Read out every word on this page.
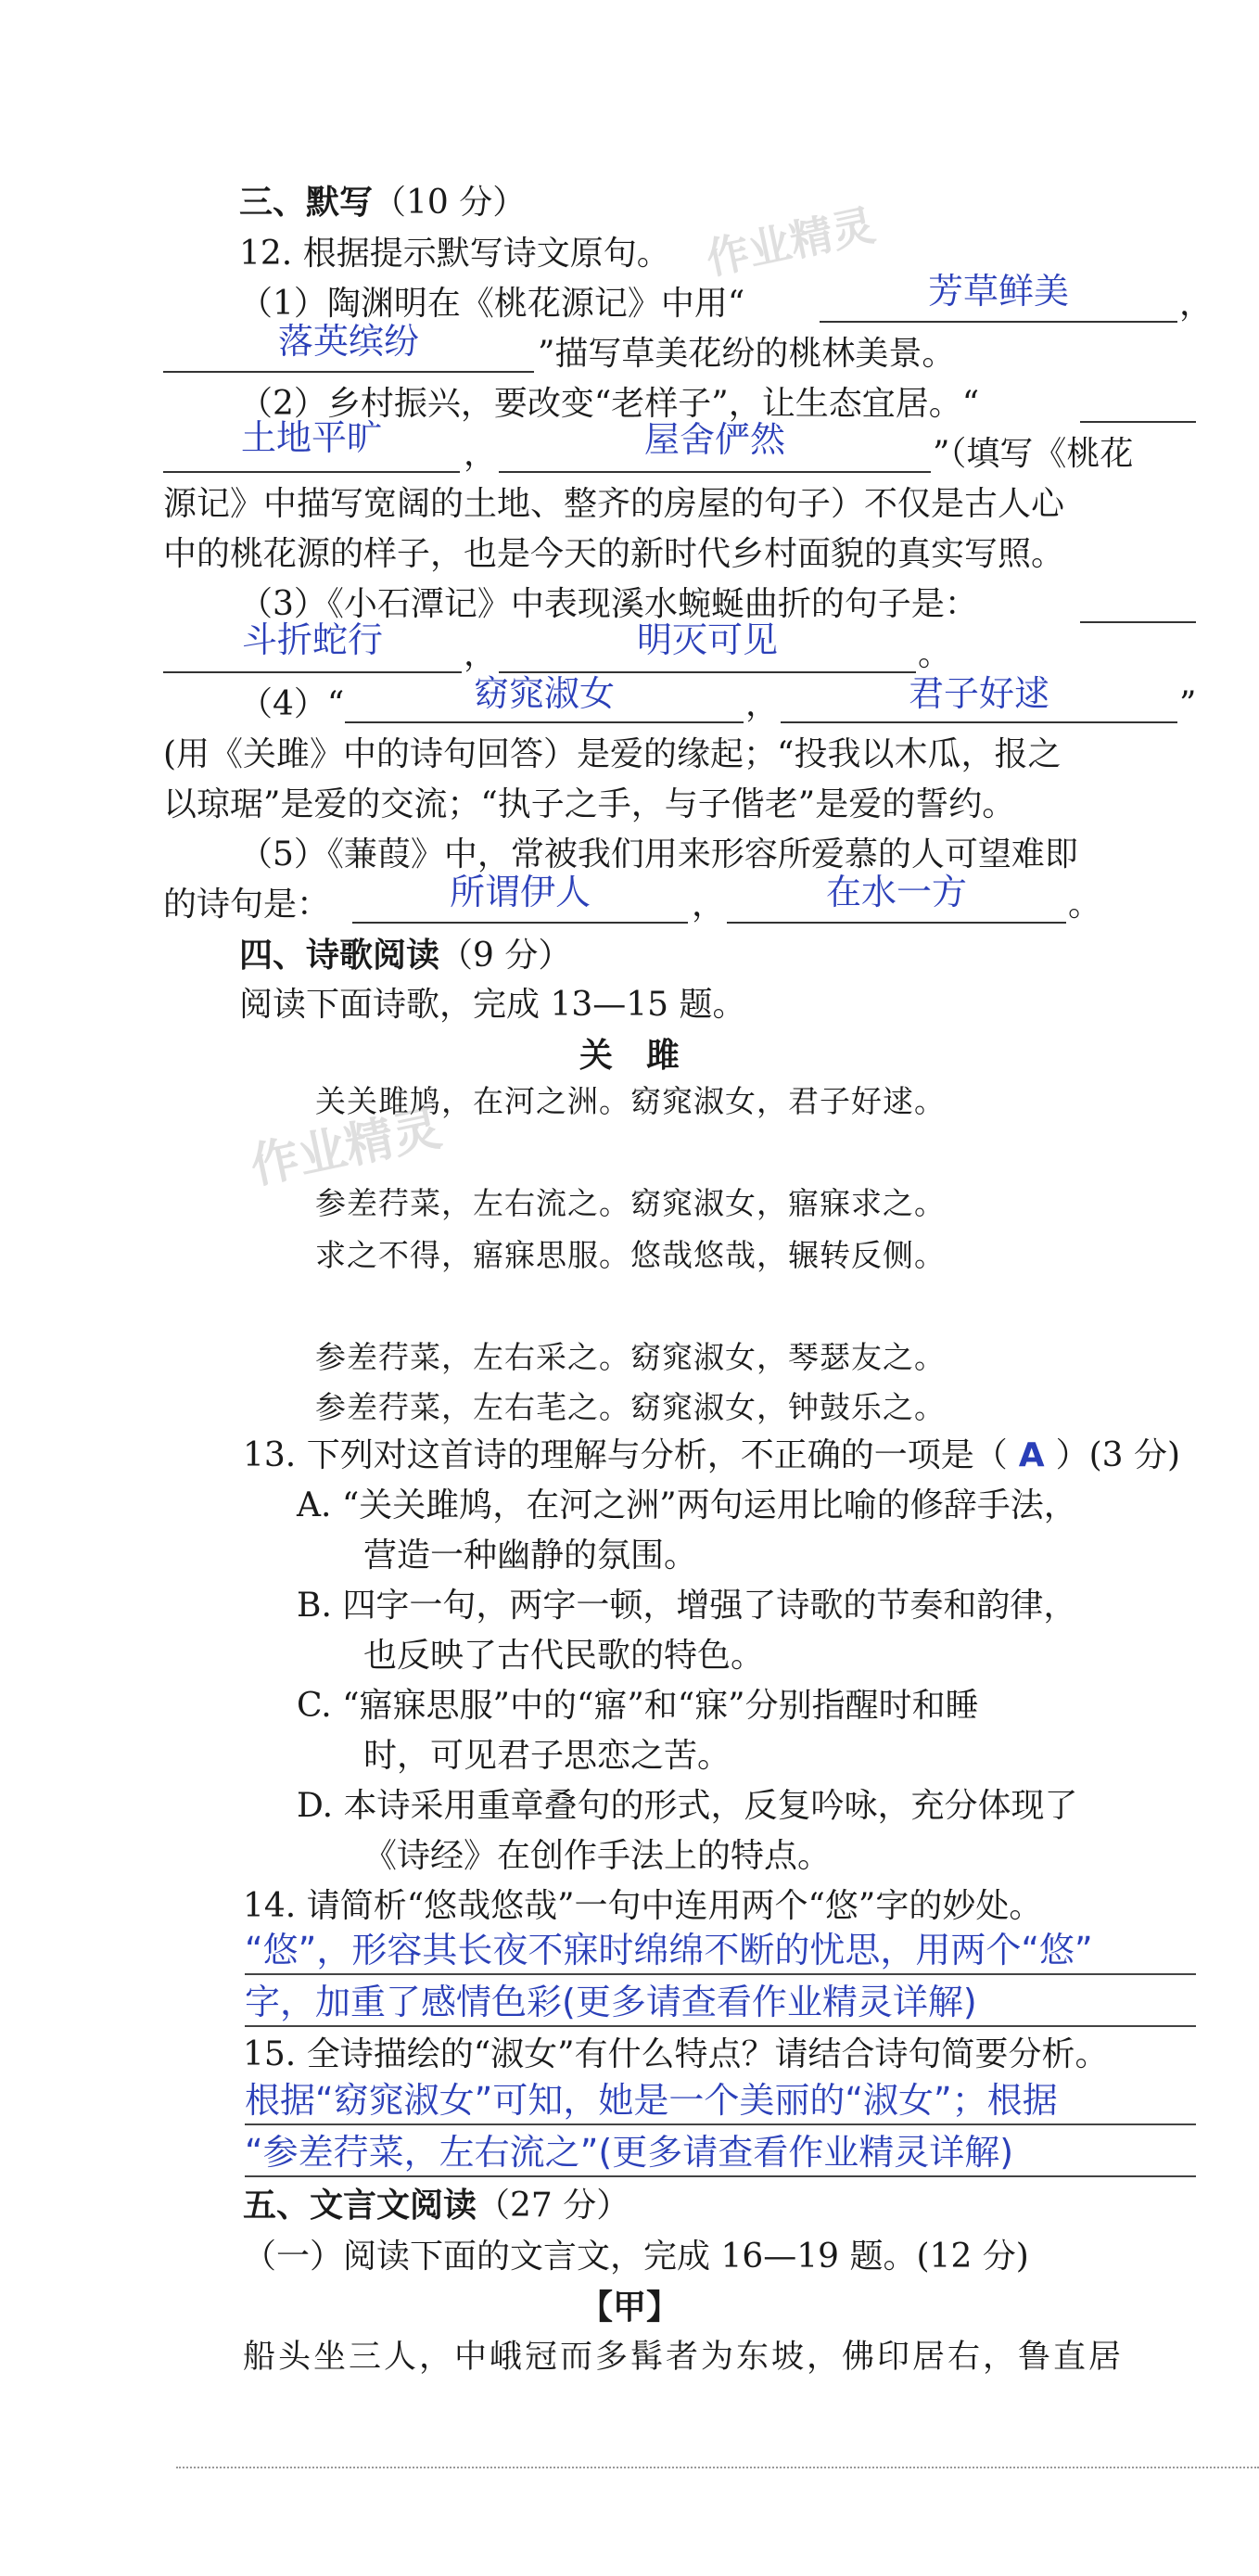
作业精灵
作业精灵
三、默写（10 分）
12. 根据提示默写诗文原句。
（1）陶渊明在《桃花源记》中用“	芳草鲜美	，
落英缤纷	”描写草美花纷的桃林美景。
（2）乡村振兴，要改变“老样子”，让生态宜居。“
土地平旷	，	屋舍俨然	”（填写《桃花
源记》中描写宽阔的土地、整齐的房屋的句子）不仅是古人心
中的桃花源的样子，也是今天的新时代乡村面貌的真实写照。
（3）《小石潭记》中表现溪水蜿蜒曲折的句子是：
斗折蛇行	，	明灭可见	。
（4）“	窈窕淑女	，	君子好逑	”
(用《关雎》中的诗句回答）是爱的缘起；“投我以木瓜，报之
以琼琚”是爱的交流；“执子之手，与子偕老”是爱的誓约。
（5）《蒹葭》中，常被我们用来形容所爱慕的人可望难即
的诗句是：	所谓伊人	，	在水一方	。
四、诗歌阅读（9 分）
阅读下面诗歌，完成 13—15 题。
关　雎
关关雎鸠，在河之洲。窈窕淑女，君子好逑。
参差荇菜，左右流之。窈窕淑女，寤寐求之。
求之不得，寤寐思服。悠哉悠哉，辗转反侧。
参差荇菜，左右采之。窈窕淑女，琴瑟友之。
参差荇菜，左右芼之。窈窕淑女，钟鼓乐之。
13. 下列对这首诗的理解与分析，不正确的一项是（ A ）(3 分)
A. “关关雎鸠，在河之洲”两句运用比喻的修辞手法，
营造一种幽静的氛围。
B. 四字一句，两字一顿，增强了诗歌的节奏和韵律，
也反映了古代民歌的特色。
C. “寤寐思服”中的“寤”和“寐”分别指醒时和睡
时，可见君子思恋之苦。
D. 本诗采用重章叠句的形式，反复吟咏，充分体现了
《诗经》在创作手法上的特点。
14. 请简析“悠哉悠哉”一句中连用两个“悠”字的妙处。
“悠”，形容其长夜不寐时绵绵不断的忧思，用两个“悠”
字，加重了感情色彩(更多请查看作业精灵详解)
15. 全诗描绘的“淑女”有什么特点？请结合诗句简要分析。
根据“窈窕淑女”可知，她是一个美丽的“淑女”；根据
“参差荇菜，左右流之”(更多请查看作业精灵详解)
五、文言文阅读（27 分）
（一）阅读下面的文言文，完成 16—19 题。(12 分)
【甲】
船头坐三人，中峨冠而多髯者为东坡，佛印居右，鲁直居
